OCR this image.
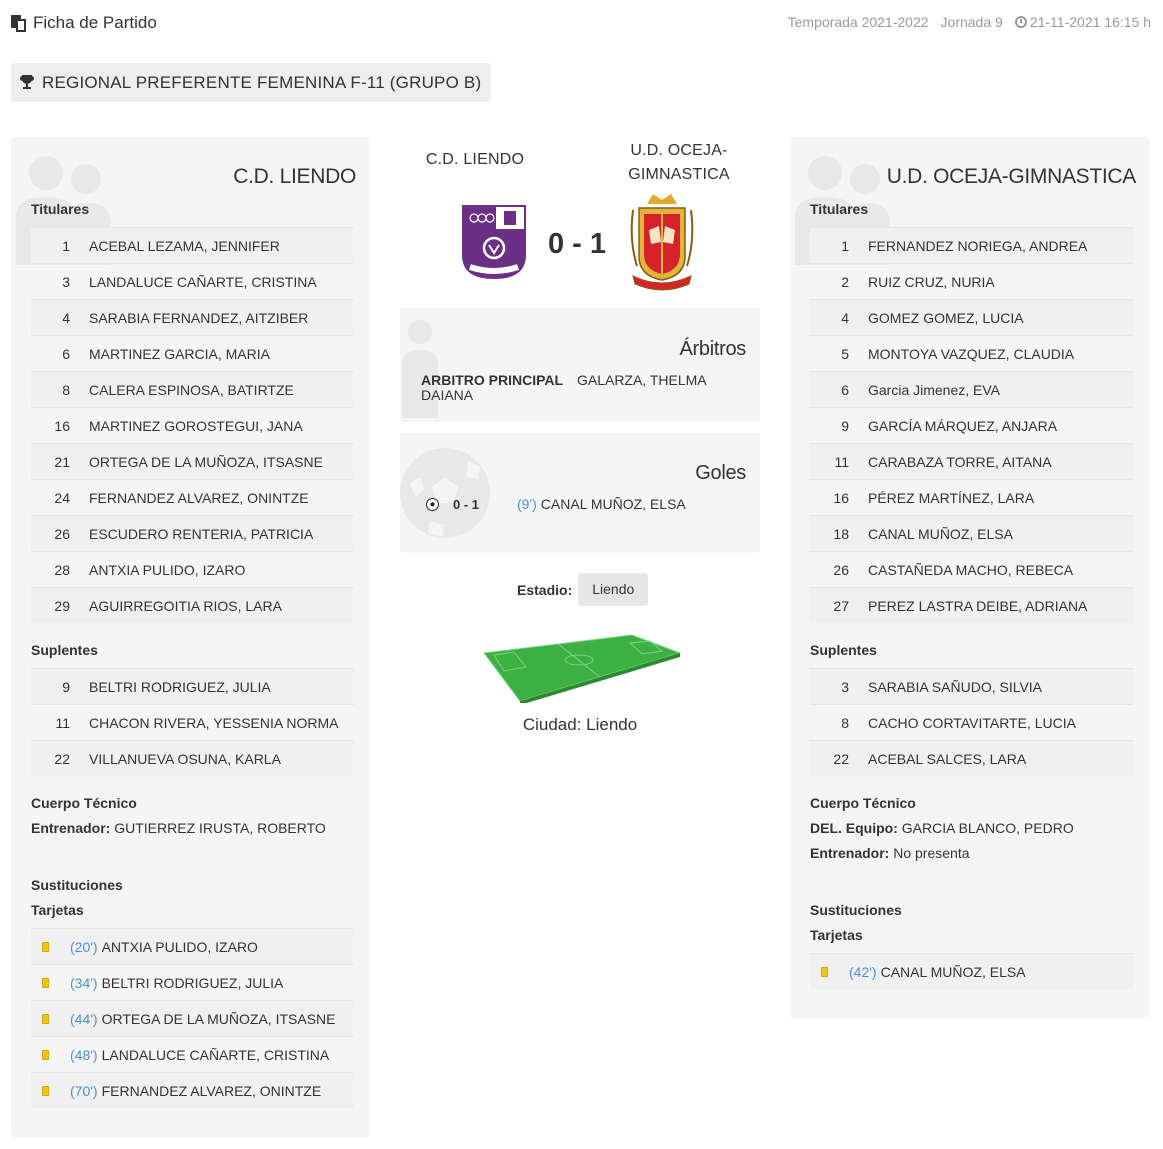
Ficha de Partido	Temporada 2021-2022 Jornada 9	21-11-2021 16:15 h
REGIONAL PREFERENTE FEMENINA F-11 (GRUPO B)
C.D. LIENDO
Titulares
1 ACEBAL LEZAMA, JENNIFER
3 LANDALUCE CAÑARTE, CRISTINA
4 SARABIA FERNANDEZ, AITZIBER
6 MARTINEZ GARCIA, MARIA
8 CALERA ESPINOSA, BATIRTZE
16 MARTINEZ GOROSTEGUI, JANA
21 ORTEGA DE LA MUÑOZA, ITSASNE
24 FERNANDEZ ALVAREZ, ONINTZE
26 ESCUDERO RENTERIA, PATRICIA
28 ANTXIA PULIDO, IZARO
29 AGUIRREGOITIA RIOS, LARA
Suplentes
9 BELTRI RODRIGUEZ, JULIA
11 CHACON RIVERA, YESSENIA NORMA
22 VILLANUEVA OSUNA, KARLA
Cuerpo Técnico
Entrenador: GUTIERREZ IRUSTA, ROBERTO
Sustituciones
Tarjetas
(20') ANTXIA PULIDO, IZARO
(34') BELTRI RODRIGUEZ, JULIA
(44') ORTEGA DE LA MUÑOZA, ITSASNE
(48') LANDALUCE CAÑARTE, CRISTINA
(70') FERNANDEZ ALVAREZ, ONINTZE
C.D. LIENDO
U.D. OCEJA-GIMNASTICA
0 - 1
Árbitros
ARBITRO PRINCIPAL GALARZA, THELMA DAIANA
Goles
0 - 1	(9') CANAL MUÑOZ, ELSA
Estadio:	Liendo
Ciudad: Liendo
U.D. OCEJA-GIMNASTICA
Titulares
1 FERNANDEZ NORIEGA, ANDREA
2 RUIZ CRUZ, NURIA
4 GOMEZ GOMEZ, LUCIA
5 MONTOYA VAZQUEZ, CLAUDIA
6 Garcia Jimenez, EVA
9 GARCÍA MÁRQUEZ, ANJARA
11 CARABAZA TORRE, AITANA
16 PÉREZ MARTÍNEZ, LARA
18 CANAL MUÑOZ, ELSA
26 CASTAÑEDA MACHO, REBECA
27 PEREZ LASTRA DEIBE, ADRIANA
Suplentes
3 SARABIA SAÑUDO, SILVIA
8 CACHO CORTAVITARTE, LUCIA
22 ACEBAL SALCES, LARA
Cuerpo Técnico
DEL. Equipo: GARCIA BLANCO, PEDRO
Entrenador: No presenta
Sustituciones
Tarjetas
(42') CANAL MUÑOZ, ELSA
